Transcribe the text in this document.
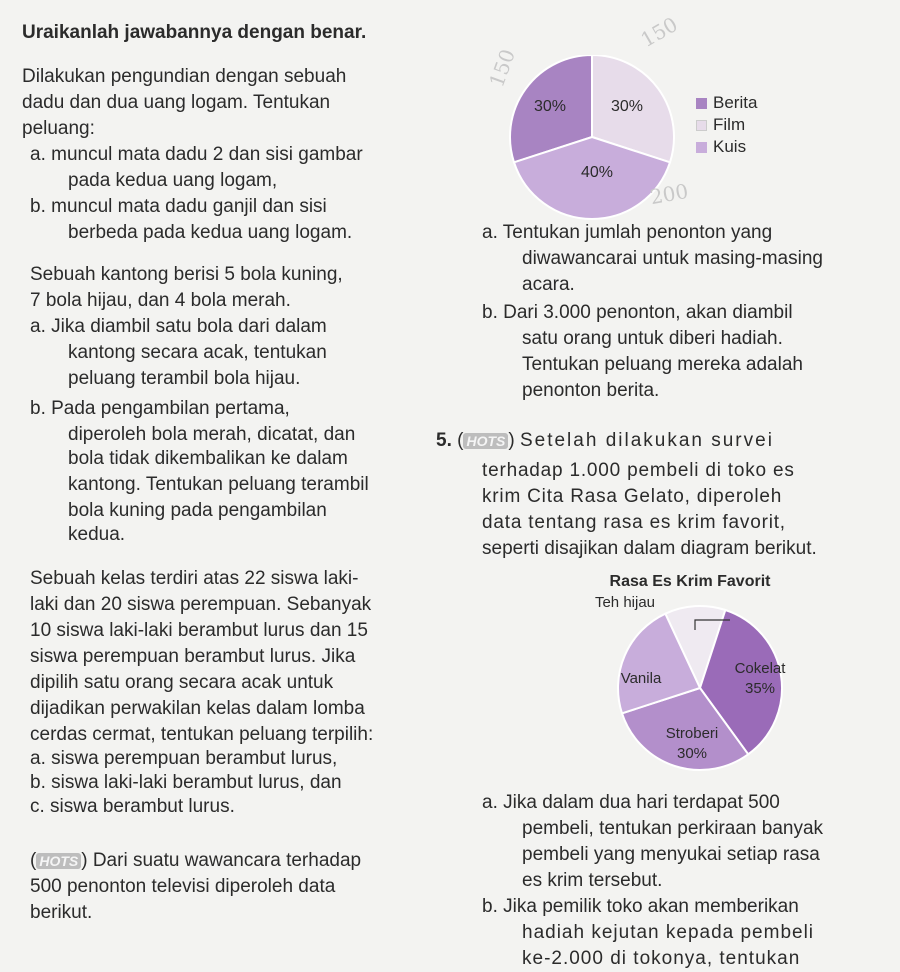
Uraikanlah jawabannya dengan benar.

Dilakukan pengundian dengan sebuah

dadu dan dua uang logam. Tentukan

peluang:

a. muncul mata dadu 2 dan sisi gambar

pada kedua uang logam,

b. muncul mata dadu ganjil dan sisi

berbeda pada kedua uang logam.

Sebuah kantong berisi 5 bola kuning,

7 bola hijau, dan 4 bola merah.

a. Jika diambil satu bola dari dalam

kantong secara acak, tentukan

peluang terambil bola hijau.

b. Pada pengambilan pertama,

diperoleh bola merah, dicatat, dan

bola tidak dikembalikan ke dalam

kantong. Tentukan peluang terambil

bola kuning pada pengambilan

kedua.

Sebuah kelas terdiri atas 22 siswa laki-

laki dan 20 siswa perempuan. Sebanyak

10 siswa laki-laki berambut lurus dan 15

siswa perempuan berambut lurus. Jika

dipilih satu orang secara acak untuk

dijadikan perwakilan kelas dalam lomba

cerdas cermat, tentukan peluang terpilih:

a. siswa perempuan berambut lurus,

b. siswa laki-laki berambut lurus, dan

c. siswa berambut lurus.

( HOTS ) Dari suatu wawancara terhadap

500 penonton televisi diperoleh data

berikut.

30%	30%
40%
Berita
Film
Kuis
150
150
200

a. Tentukan jumlah penonton yang

diwawancarai untuk masing-masing

acara.

b. Dari 3.000 penonton, akan diambil

satu orang untuk diberi hadiah.

Tentukan peluang mereka adalah

penonton berita.

5. ( HOTS ) Setelah dilakukan survei

terhadap 1.000 pembeli di toko es

krim Cita Rasa Gelato, diperoleh

data tentang rasa es krim favorit,

seperti disajikan dalam diagram berikut.

Rasa Es Krim Favorit
Teh hijau
Cokelat
35%
Stroberi
30%
Vanila

a. Jika dalam dua hari terdapat 500

pembeli, tentukan perkiraan banyak

pembeli yang menyukai setiap rasa

es krim tersebut.

b. Jika pemilik toko akan memberikan

hadiah kejutan kepada pembeli

ke-2.000 di tokonya, tentukan
